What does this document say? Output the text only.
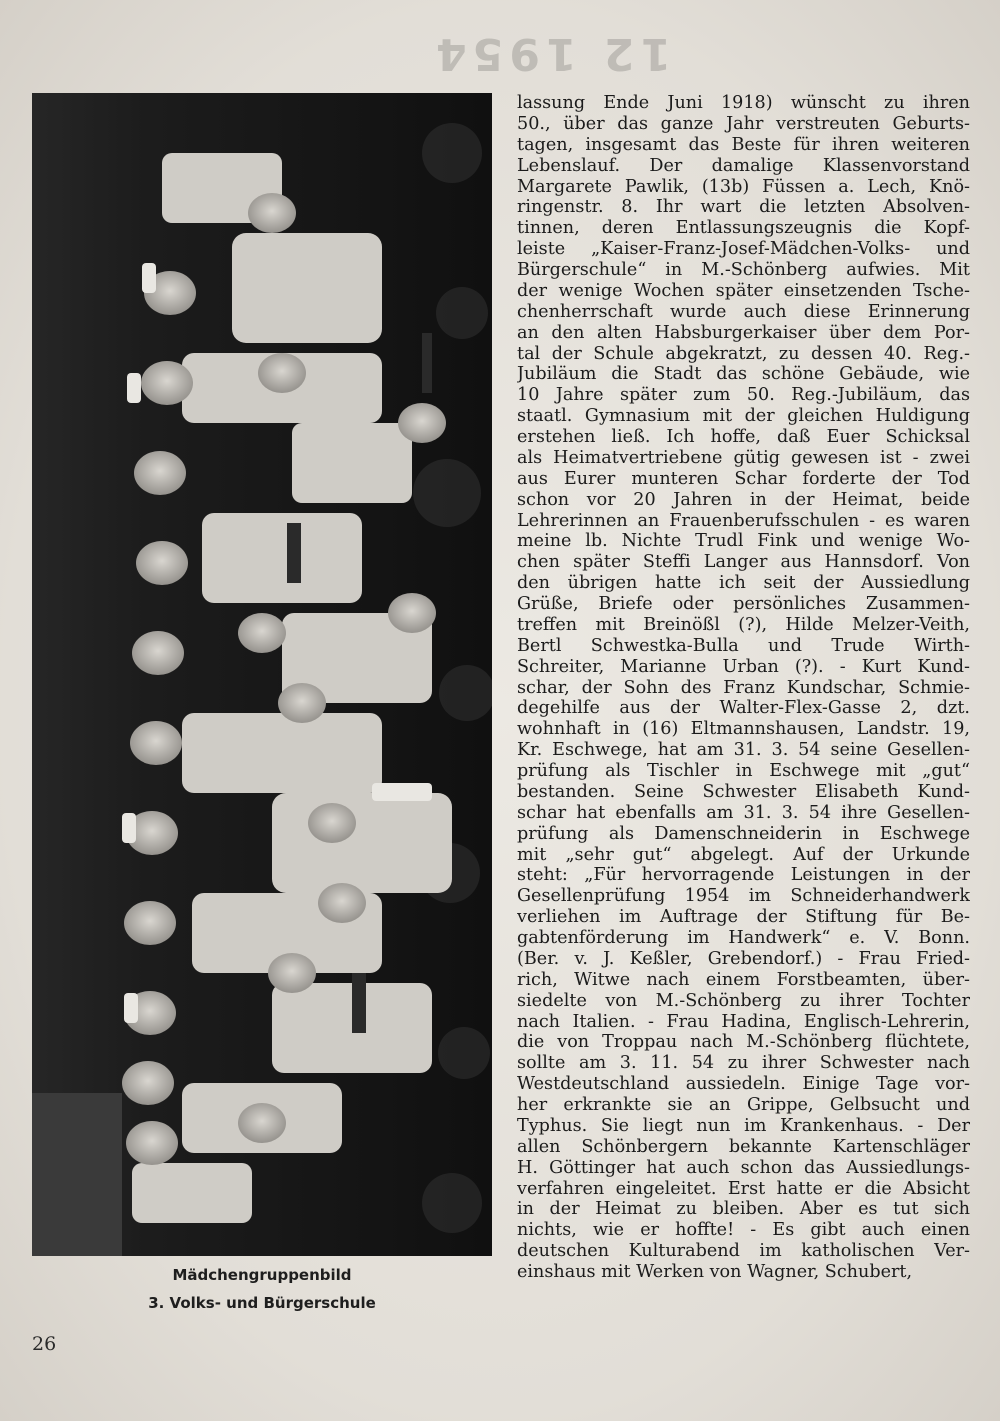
12 1954
Mädchengruppenbild
3. Volks- und Bürgerschule
26
lassung Ende Juni 1918) wünscht zu ihren
50., über das ganze Jahr verstreuten Geburts-
tagen, insgesamt das Beste für ihren weiteren
Lebenslauf. Der damalige Klassenvorstand
Margarete Pawlik, (13b) Füssen a. Lech, Knö-
ringenstr. 8. Ihr wart die letzten Absolven-
tinnen, deren Entlassungszeugnis die Kopf-
leiste „Kaiser-Franz-Josef-Mädchen-Volks- und
Bürgerschule“ in M.-Schönberg aufwies. Mit
der wenige Wochen später einsetzenden Tsche-
chenherrschaft wurde auch diese Erinnerung
an den alten Habsburgerkaiser über dem Por-
tal der Schule abgekratzt, zu dessen 40. Reg.-
Jubiläum die Stadt das schöne Gebäude, wie
10 Jahre später zum 50. Reg.-Jubiläum, das
staatl. Gymnasium mit der gleichen Huldigung
erstehen ließ. Ich hoffe, daß Euer Schicksal
als Heimatvertriebene gütig gewesen ist - zwei
aus Eurer munteren Schar forderte der Tod
schon vor 20 Jahren in der Heimat, beide
Lehrerinnen an Frauenberufsschulen - es waren
meine lb. Nichte Trudl Fink und wenige Wo-
chen später Steffi Langer aus Hannsdorf. Von
den übrigen hatte ich seit der Aussiedlung
Grüße, Briefe oder persönliches Zusammen-
treffen mit Breinößl (?), Hilde Melzer-Veith,
Bertl Schwestka-Bulla und Trude Wirth-
Schreiter, Marianne Urban (?). - Kurt Kund-
schar, der Sohn des Franz Kundschar, Schmie-
degehilfe aus der Walter-Flex-Gasse 2, dzt.
wohnhaft in (16) Eltmannshausen, Landstr. 19,
Kr. Eschwege, hat am 31. 3. 54 seine Gesellen-
prüfung als Tischler in Eschwege mit „gut“
bestanden. Seine Schwester Elisabeth Kund-
schar hat ebenfalls am 31. 3. 54 ihre Gesellen-
prüfung als Damenschneiderin in Eschwege
mit „sehr gut“ abgelegt. Auf der Urkunde
steht: „Für hervorragende Leistungen in der
Gesellenprüfung 1954 im Schneiderhandwerk
verliehen im Auftrage der Stiftung für Be-
gabtenförderung im Handwerk“ e. V. Bonn.
(Ber. v. J. Keßler, Grebendorf.) - Frau Fried-
rich, Witwe nach einem Forstbeamten, über-
siedelte von M.-Schönberg zu ihrer Tochter
nach Italien. - Frau Hadina, Englisch-Lehrerin,
die von Troppau nach M.-Schönberg flüchtete,
sollte am 3. 11. 54 zu ihrer Schwester nach
Westdeutschland aussiedeln. Einige Tage vor-
her erkrankte sie an Grippe, Gelbsucht und
Typhus. Sie liegt nun im Krankenhaus. - Der
allen Schönbergern bekannte Kartenschläger
H. Göttinger hat auch schon das Aussiedlungs-
verfahren eingeleitet. Erst hatte er die Absicht
in der Heimat zu bleiben. Aber es tut sich
nichts, wie er hoffte! - Es gibt auch einen
deutschen Kulturabend im katholischen Ver-
einshaus mit Werken von Wagner, Schubert,
